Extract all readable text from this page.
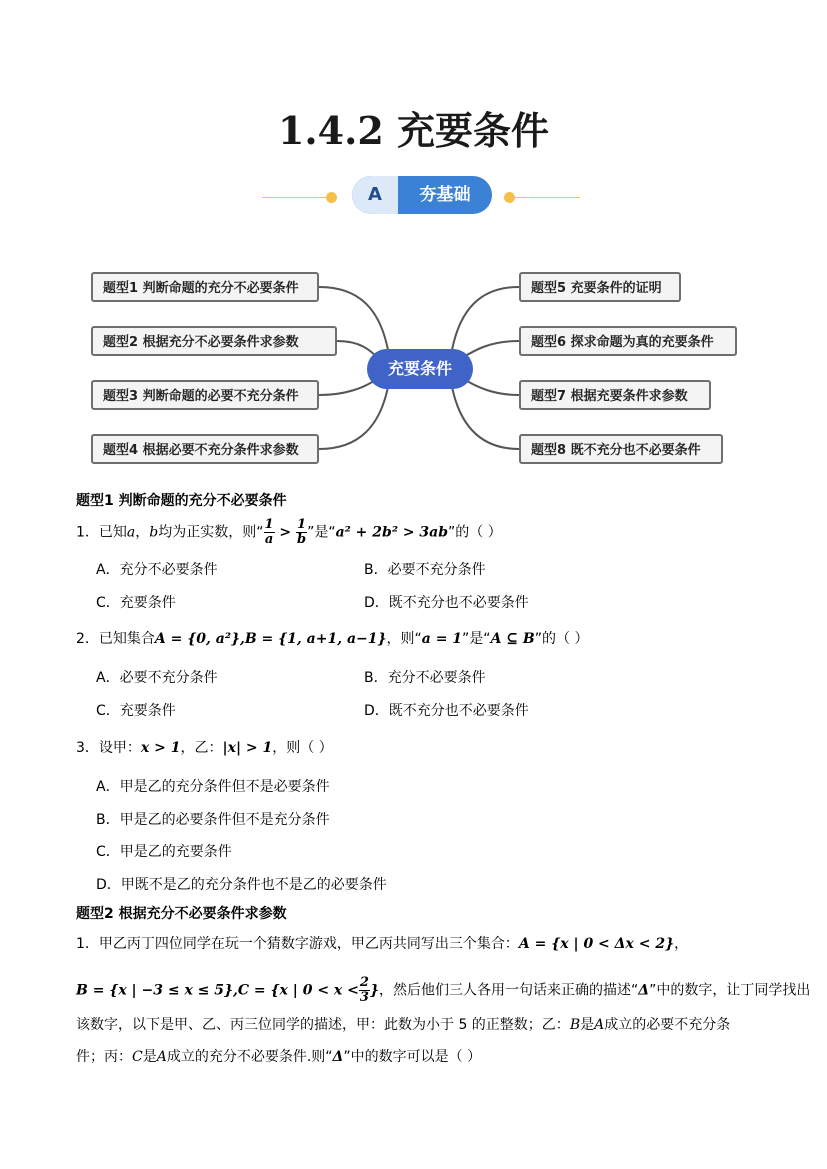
1.4.2 充要条件
A	夯基础
题型1 判断命题的充分不必要条件
题型2 根据充分不必要条件求参数
题型3 判断命题的必要不充分条件
题型4 根据必要不充分条件求参数
题型5 充要条件的证明
题型6 探求命题为真的充要条件
题型7 根据充要条件求参数
题型8 既不充分也不必要条件
充要条件
题型1 判断命题的充分不必要条件
1．已知a，b均为正实数，则“ $\frac{1}{a} > \frac{1}{b}$ ”是“a² + 2b² > 3ab”的（ ）
A．充分不必要条件	B．必要不充分条件
C．充要条件	D．既不充分也不必要条件
2．已知集合A = {0, a²},B = {1, a+1, a−1}，则“a = 1”是“A ⊆ B”的（ ）
A．必要不充分条件	B．充分不必要条件
C．充要条件	D．既不充分也不必要条件
3．设甲：x > 1，乙：|x| > 1，则（ ）
A．甲是乙的充分条件但不是必要条件
B．甲是乙的必要条件但不是充分条件
C．甲是乙的充要条件
D．甲既不是乙的充分条件也不是乙的必要条件
题型2 根据充分不必要条件求参数
1．甲乙丙丁四位同学在玩一个猜数字游戏，甲乙丙共同写出三个集合：A = {x | 0 < Δx < 2}，
B = {x | −3 ≤ x ≤ 5},C = {x | $0 < x < \frac{2}{3}$ }，然后他们三人各用一句话来正确的描述“Δ”中的数字，让丁同学找出
该数字，以下是甲、乙、丙三位同学的描述，甲：此数为小于 5 的正整数；乙：B是A成立的必要不充分条
件；丙：C是A成立的充分不必要条件.则“Δ”中的数字可以是（ ）
